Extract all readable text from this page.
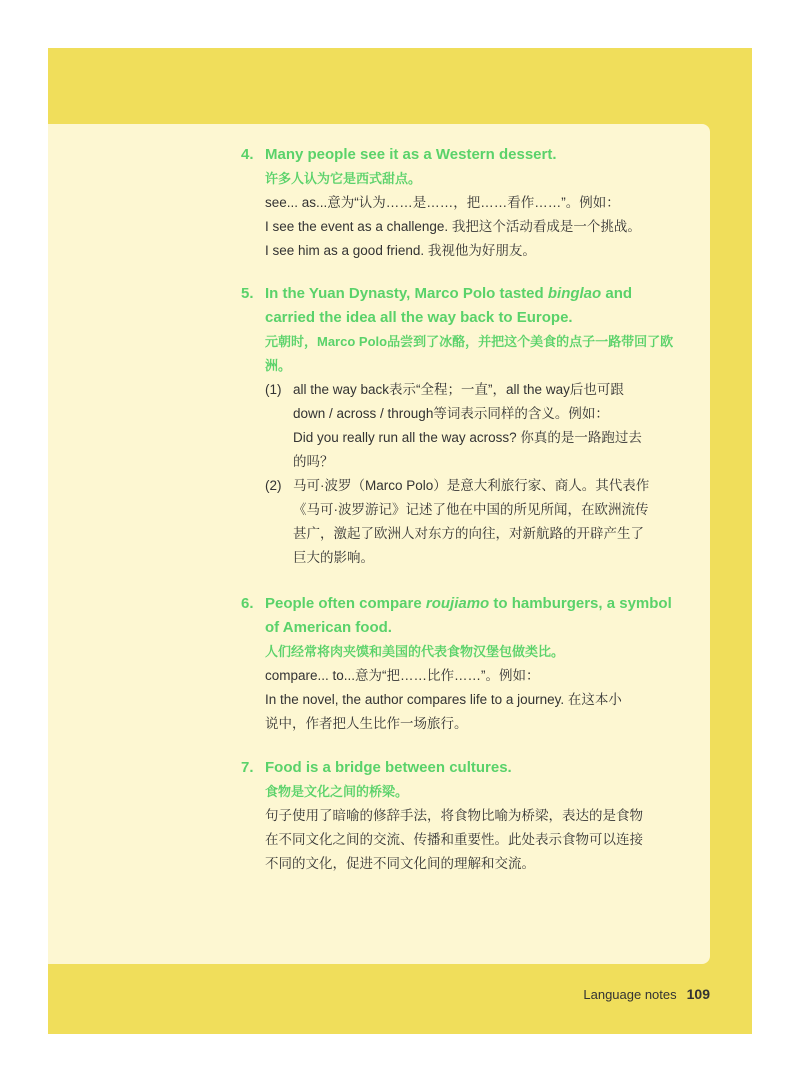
4. Many people see it as a Western dessert.
许多人认为它是西式甜点。
see... as...意为“认为……是……，把……看作……”。例如：
I see the event as a challenge. 我把这个活动看成是一个挑战。
I see him as a good friend. 我视他为好朋友。
5. In the Yuan Dynasty, Marco Polo tasted binglao and carried the idea all the way back to Europe.
元朝时，Marco Polo品尝到了冰酪，并把这个美食的点子一路带回了欧洲。
(1) all the way back表示“全程；一直”，all the way后也可跟
down / across / through等词表示同样的含义。例如：
Did you really run all the way across? 你真的是一路跑过去
的吗？
(2) 马可·波罗（Marco Polo）是意大利旅行家、商人。其代表作
《马可·波罗游记》记述了他在中国的所见所闻，在欧洲流传
甚广，激起了欧洲人对东方的向往，对新航路的开辟产生了
巨大的影响。
6. People often compare roujiamo to hamburgers, a symbol of American food.
人们经常将肉夹馍和美国的代表食物汉堡包做类比。
compare... to...意为“把……比作……”。例如：
In the novel, the author compares life to a journey. 在这本小
说中，作者把人生比作一场旅行。
7. Food is a bridge between cultures.
食物是文化之间的桥梁。
句子使用了暗喻的修辞手法，将食物比喻为桥梁，表达的是食物
在不同文化之间的交流、传播和重要性。此处表示食物可以连接
不同的文化，促进不同文化间的理解和交流。
Language notes 109
